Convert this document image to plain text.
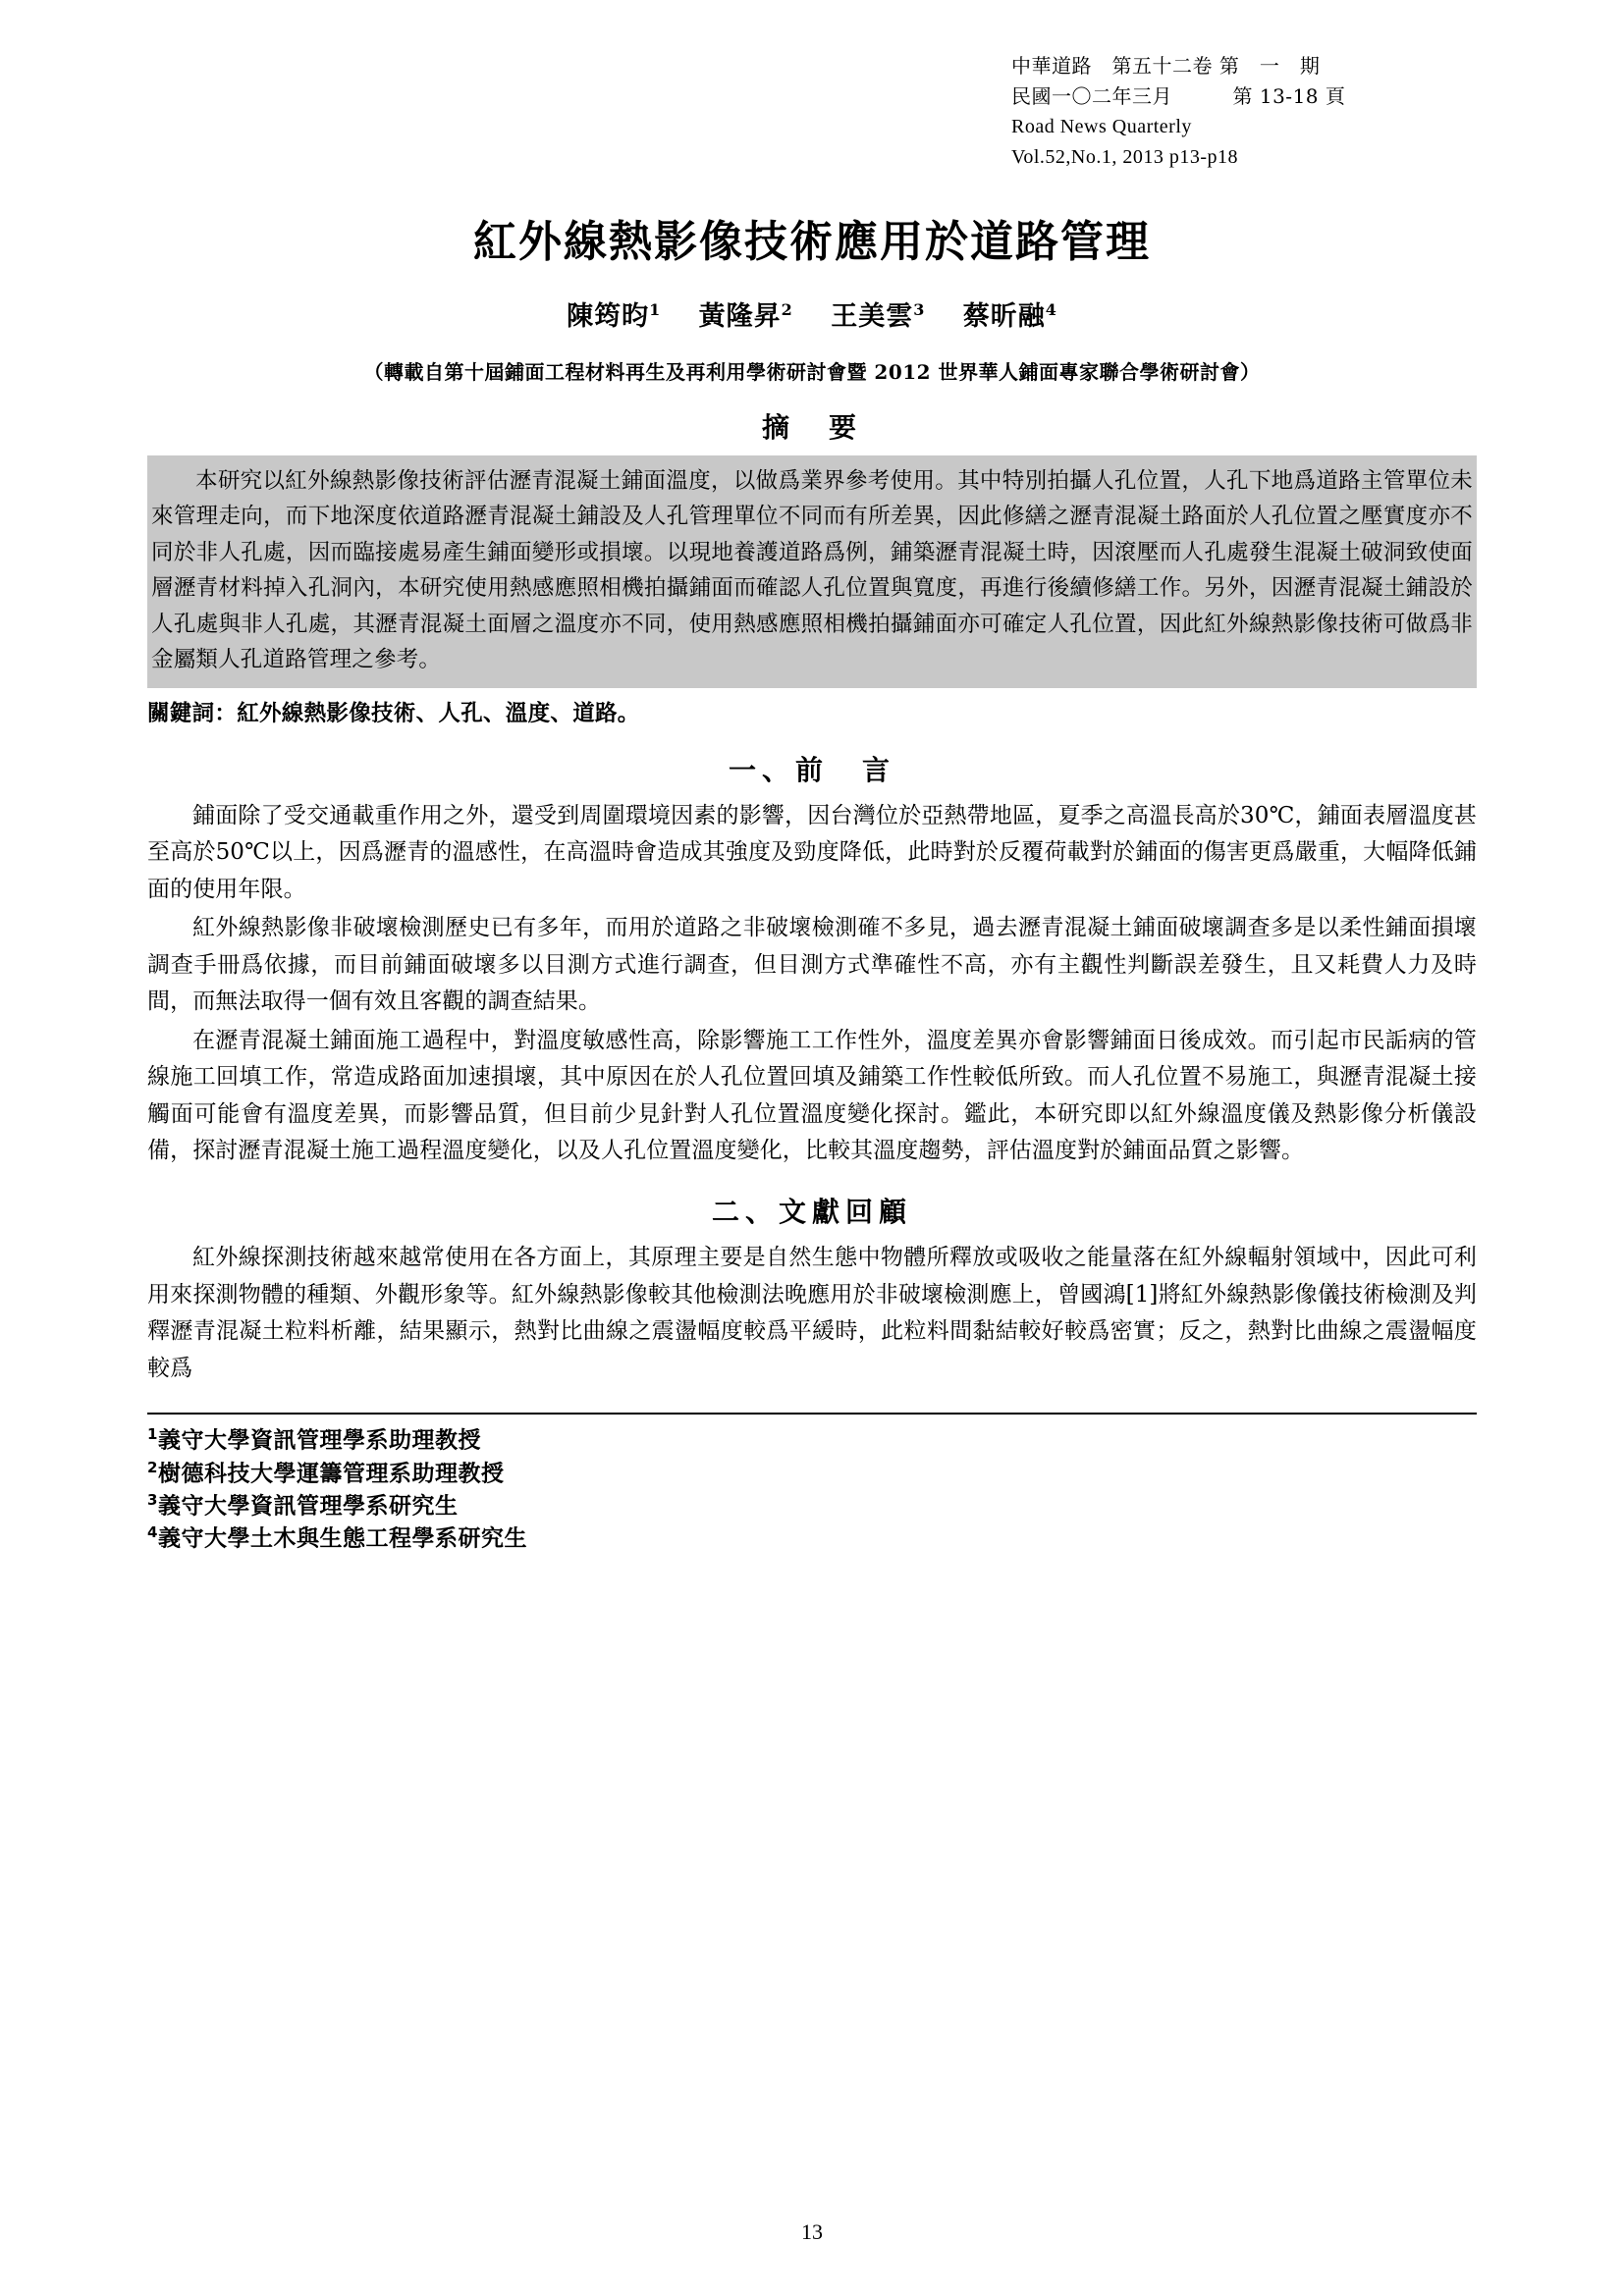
中華道路　第五十二卷 第　一　期
民國一〇二年三月　　　第 13-18 頁
Road News Quarterly
Vol.52,No.1, 2013 p13-p18
紅外線熱影像技術應用於道路管理
陳筠昀$^1$ 黃隆昇$^2$ 王美雲$^3$ 蔡昕融$^4$
（轉載自第十屆鋪面工程材料再生及再利用學術研討會暨 2012 世界華人鋪面專家聯合學術研討會）
摘　要
本研究以紅外線熱影像技術評估瀝青混凝土鋪面溫度，以做爲業界參考使用。其中特別拍攝人孔位置，人孔下地爲道路主管單位未來管理走向，而下地深度依道路瀝青混凝土鋪設及人孔管理單位不同而有所差異，因此修繕之瀝青混凝土路面於人孔位置之壓實度亦不同於非人孔處，因而臨接處易產生鋪面變形或損壞。以現地養護道路爲例，鋪築瀝青混凝土時，因滾壓而人孔處發生混凝土破洞致使面層瀝青材料掉入孔洞內，本研究使用熱感應照相機拍攝鋪面而確認人孔位置與寬度，再進行後續修繕工作。另外，因瀝青混凝土鋪設於人孔處與非人孔處，其瀝青混凝土面層之溫度亦不同，使用熱感應照相機拍攝鋪面亦可確定人孔位置，因此紅外線熱影像技術可做爲非金屬類人孔道路管理之參考。
關鍵詞：紅外線熱影像技術、人孔、溫度、道路。
一、前　言

鋪面除了受交通載重作用之外，還受到周圍環境因素的影響，因台灣位於亞熱帶地區，夏季之高溫長高於30℃，鋪面表層溫度甚至高於50℃以上，因爲瀝青的溫感性，在高溫時會造成其強度及勁度降低，此時對於反覆荷載對於鋪面的傷害更爲嚴重，大幅降低鋪面的使用年限。

紅外線熱影像非破壞檢測歷史已有多年，而用於道路之非破壞檢測確不多見，過去瀝青混凝土鋪面破壞調查多是以柔性鋪面損壞調查手冊爲依據，而目前鋪面破壞多以目測方式進行調查，但目測方式準確性不高，亦有主觀性判斷誤差發生，且又耗費人力及時間，而無法取得一個有效且客觀的調查結果。

在瀝青混凝土鋪面施工過程中，對溫度敏感性高，除影響施工工作性外，溫度差異亦會影響鋪面日後成效。而引起市民詬病的管線施工回填工作，常造成路面加速損壞，其中原因在於人孔位置回填及鋪築工作性較低所致。而人孔位置不易施工，與瀝青混凝土接觸面可能會有溫度差異，而影響品質，但目前少見針對人孔位置溫度變化探討。鑑此，本研究即以紅外線溫度儀及熱影像分析儀設備，探討瀝青混凝土施工過程溫度變化，以及人孔位置溫度變化，比較其溫度趨勢，評估溫度對於鋪面品質之影響。

二、文獻回顧

紅外線探測技術越來越常使用在各方面上，其原理主要是自然生態中物體所釋放或吸收之能量落在紅外線輻射領域中，因此可利用來探測物體的種類、外觀形象等。紅外線熱影像較其他檢測法晚應用於非破壞檢測應上，曾國鴻[1]將紅外線熱影像儀技術檢測及判釋瀝青混凝土粒料析離，結果顯示，熱對比曲線之震盪幅度較爲平緩時，此粒料間黏結較好較爲密實；反之，熱對比曲線之震盪幅度較爲

$^1$義守大學資訊管理學系助理教授
$^2$樹德科技大學運籌管理系助理教授
$^3$義守大學資訊管理學系研究生
$^4$義守大學土木與生態工程學系研究生
13
